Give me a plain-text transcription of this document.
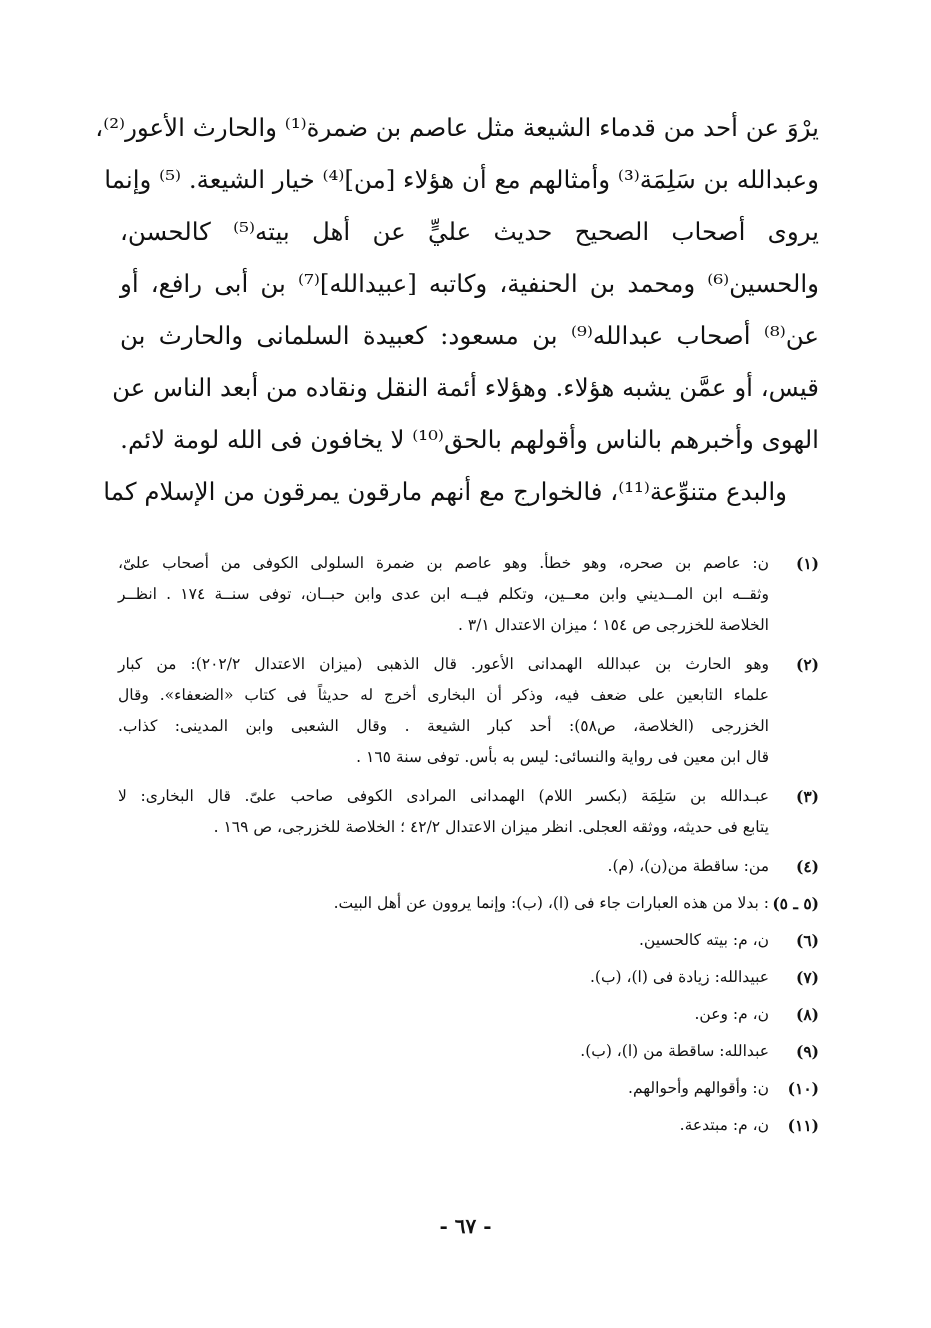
يرْوَ عن أحد من قدماء الشيعة مثل عاصم بن ضمرة⁽¹⁾ والحارث الأعور⁽²⁾،
وعبدالله بن سَلِمَة⁽³⁾ وأمثالهم مع أن هؤلاء [من]⁽⁴⁾ خيار الشيعة. ⁽⁵⁾ وإنما
يروى أصحاب الصحيح حديث عليٍّ عن أهل بيته⁽⁵⁾ كالحسن،
والحسين⁽⁶⁾ ومحمد بن الحنفية، وكاتبه [عبيدالله]⁽⁷⁾ بن أبى رافع، أو
عن⁽⁸⁾ أصحاب عبدالله⁽⁹⁾ بن مسعود: كعبيدة السلمانى والحارث بن
قيس، أو عمَّن يشبه هؤلاء. وهؤلاء أئمة النقل ونقاده من أبعد الناس عن
الهوى وأخبرهم بالناس وأقولهم بالحق⁽¹⁰⁾ لا يخافون فى الله لومة لائم.
والبدع متنوِّعة⁽¹¹⁾، فالخوارج مع أنهم مارقون يمرقون من الإسلام كما
(١)
ن: عاصم بن صحره، وهو خطأ. وهو عاصم بن ضمرة السلولى الكوفى من أصحاب علىّ،
وثقــه ابن المــديني وابن معــين، وتكلم فيــه ابن عدى وابن حبــان، توفى سنــة ١٧٤ . انظــر
الخلاصة للخزرجى ص ١٥٤ ؛ ميزان الاعتدال ٣/١ .
(٢)
وهو الحارث بن عبدالله الهمدانى الأعور. قال الذهبى (ميزان الاعتدال ٢٠٢/٢): من كبار
علماء التابعين على ضعف فيه، وذكر أن البخارى أخرج له حديثاً فى كتاب «الضعفاء». وقال
الخزرجى (الخلاصة، ص٥٨): أحد كبار الشيعة . وقال الشعبى وابن المدينى: كذاب.
قال ابن معين فى رواية والنسائى: ليس به بأس. توفى سنة ١٦٥ .
(٣)
عبـدالله بن سَلِمَة (بكسر اللام) الهمدانى المرادى الكوفى صاحب علىّ. قال البخارى: لا
يتابع فى حديثه، ووثقه العجلى. انظر ميزان الاعتدال ٤٢/٢ ؛ الخلاصة للخزرجى، ص ١٦٩ .
(٤)
من: ساقطة من(ن)، (م).
(٥ ـ ٥)
: بدلا من هذه العبارات جاء فى (ا)، (ب): وإنما يروون عن أهل البيت.
(٦)
ن، م: بيته كالحسين.
(٧)
عبيدالله: زيادة فى (ا)، (ب).
(٨)
ن، م: وعن.
(٩)
عبدالله: ساقطة من (ا)، (ب).
(١٠)
ن: وأقوالهم وأحوالهم.
(١١)
ن، م: مبتدعة.
- ٦٧ -
